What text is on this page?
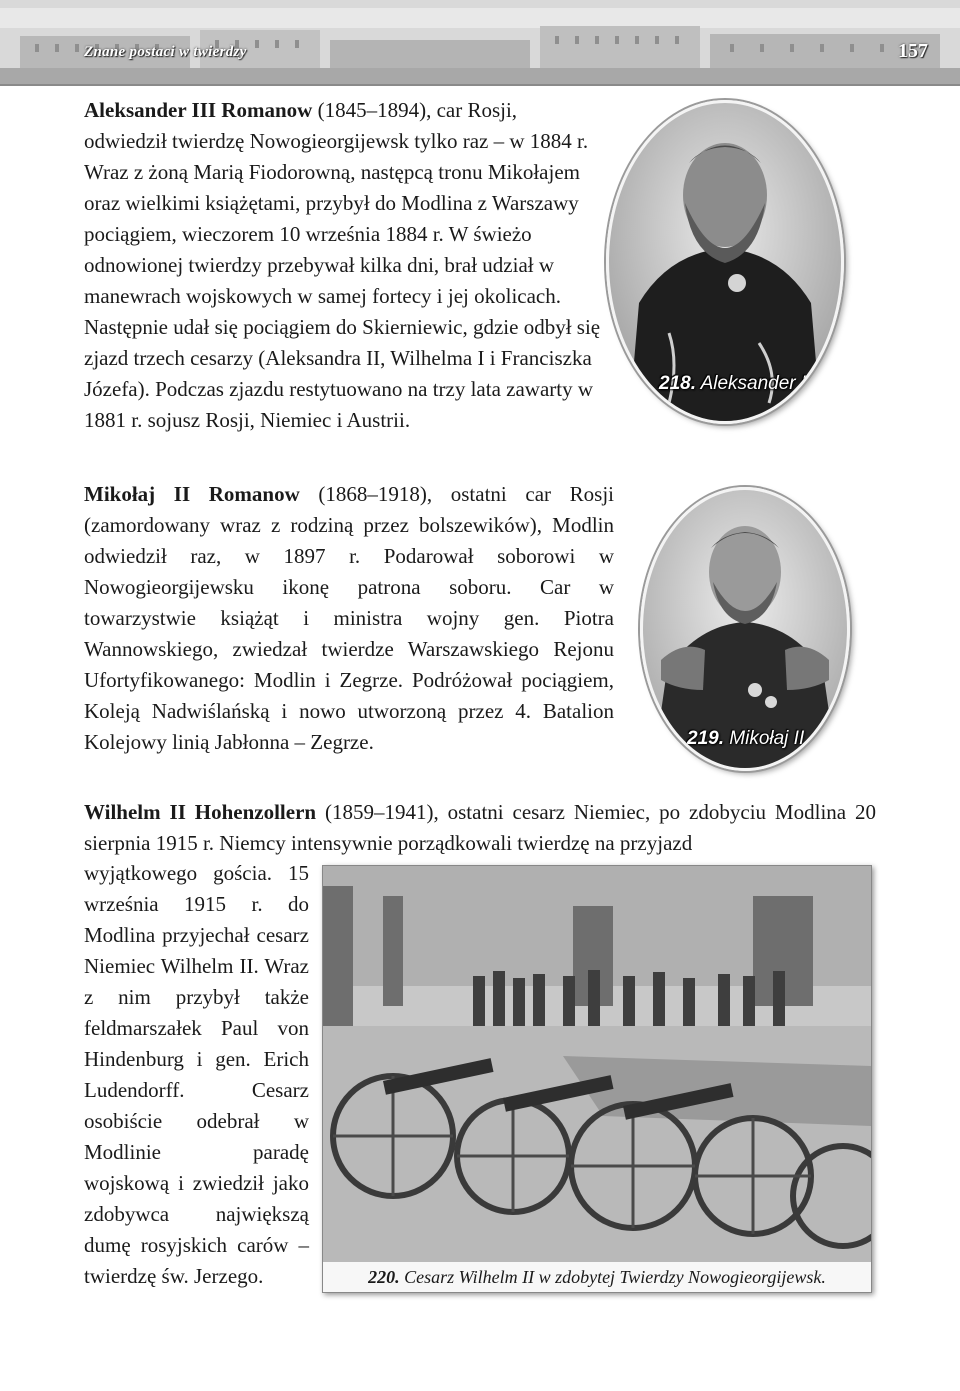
Znane postaci w twierdzy	157

Aleksander III Romanow (1845–1894), car Rosji, odwiedził twierdzę Nowogieorgijewsk tylko raz – w 1884 r. Wraz z żoną Marią Fiodorowną, następcą tronu Mikołajem oraz wielkimi książętami, przybył do Modlina z Warszawy pociągiem, wieczorem 10 września 1884 r. W świeżo odnowionej twierdzy przebywał kilka dni, brał udział w manewrach wojskowych w samej fortecy i jej okolicach. Następnie udał się pociągiem do Skierniewic, gdzie odbył się zjazd trzech cesarzy (Aleksandra II, Wilhelma I i Franciszka Józefa). Podczas zjazdu restytuowano na trzy lata zawarty w 1881 r. sojusz Rosji, Niemiec i Austrii.

218. Aleksander III

Mikołaj II Romanow (1868–1918), ostatni car Rosji (zamordowany wraz z rodziną przez bolszewików), Modlin odwiedził raz, w 1897 r. Podarował soborowi w Nowogieorgijewsku ikonę patrona soboru. Car w towarzystwie książąt i ministra wojny gen. Piotra Wannowskiego, zwiedzał twierdze Warszawskiego Rejonu Ufortyfikowanego: Modlin i Zegrze. Podróżował pociągiem, Koleją Nadwiślańską i nowo utworzoną przez 4. Batalion Kolejowy linią Jabłonna – Zegrze.	219. Mikołaj II

Wilhelm II Hohenzollern (1859–1941), ostatni cesarz Niemiec, po zdobyciu Modlina 20 sierpnia 1915 r. Niemcy intensywnie porządkowali twierdzę na przyjazd

wyjątkowego gościa. 15 września 1915 r. do Modlina przyjechał cesarz Niemiec Wilhelm II. Wraz z nim przybył także feldmarszałek Paul von Hindenburg i gen. Erich Ludendorff. Cesarz osobiście odebrał w Modlinie paradę wojskową i zwiedził jako zdobywca największą dumę rosyjskich carów – twierdzę św. Jerzego.	220. Cesarz Wilhelm II w zdobytej Twierdzy Nowogieorgijewsk.
